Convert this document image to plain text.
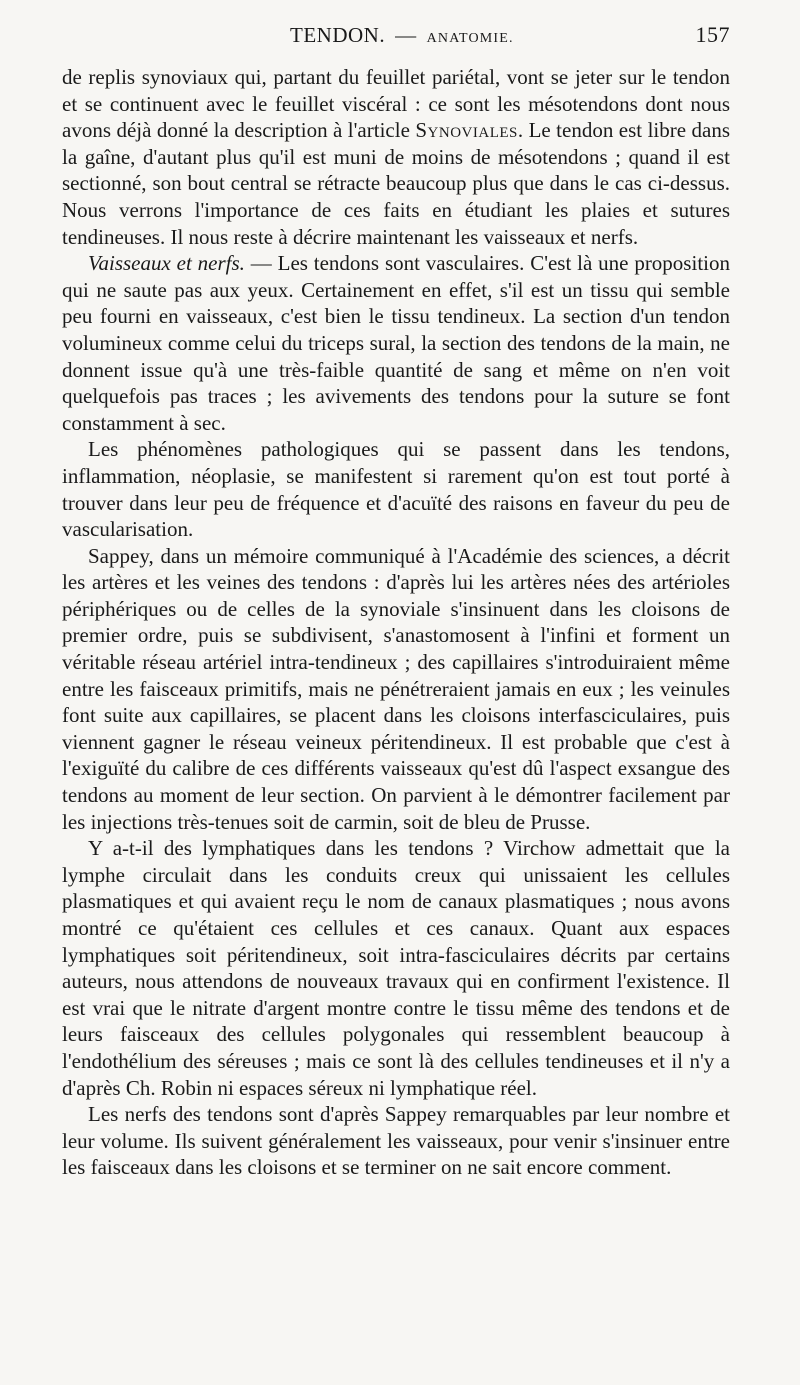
TENDON. — ANATOMIE.	157

de replis synoviaux qui, partant du feuillet pariétal, vont se jeter sur le tendon et se continuent avec le feuillet viscéral : ce sont les mésotendons dont nous avons déjà donné la description à l'article Synoviales. Le tendon est libre dans la gaîne, d'autant plus qu'il est muni de moins de mésotendons ; quand il est sectionné, son bout central se rétracte beaucoup plus que dans le cas ci-dessus. Nous verrons l'importance de ces faits en étudiant les plaies et sutures tendineuses. Il nous reste à décrire maintenant les vaisseaux et nerfs.

Vaisseaux et nerfs. — Les tendons sont vasculaires. C'est là une proposition qui ne saute pas aux yeux. Certainement en effet, s'il est un tissu qui semble peu fourni en vaisseaux, c'est bien le tissu tendineux. La section d'un tendon volumineux comme celui du triceps sural, la section des tendons de la main, ne donnent issue qu'à une très-faible quantité de sang et même on n'en voit quelquefois pas traces ; les avivements des tendons pour la suture se font constamment à sec.

Les phénomènes pathologiques qui se passent dans les tendons, inflammation, néoplasie, se manifestent si rarement qu'on est tout porté à trouver dans leur peu de fréquence et d'acuïté des raisons en faveur du peu de vascularisation.

Sappey, dans un mémoire communiqué à l'Académie des sciences, a décrit les artères et les veines des tendons : d'après lui les artères nées des artérioles périphériques ou de celles de la synoviale s'insinuent dans les cloisons de premier ordre, puis se subdivisent, s'anastomosent à l'infini et forment un véritable réseau artériel intra-tendineux ; des capillaires s'introduiraient même entre les faisceaux primitifs, mais ne pénétreraient jamais en eux ; les veinules font suite aux capillaires, se placent dans les cloisons interfasciculaires, puis viennent gagner le réseau veineux péritendineux. Il est probable que c'est à l'exiguïté du calibre de ces différents vaisseaux qu'est dû l'aspect exsangue des tendons au moment de leur section. On parvient à le démontrer facilement par les injections très-tenues soit de carmin, soit de bleu de Prusse.

Y a-t-il des lymphatiques dans les tendons ? Virchow admettait que la lymphe circulait dans les conduits creux qui unissaient les cellules plasmatiques et qui avaient reçu le nom de canaux plasmatiques ; nous avons montré ce qu'étaient ces cellules et ces canaux. Quant aux espaces lymphatiques soit péritendineux, soit intra-fasciculaires décrits par certains auteurs, nous attendons de nouveaux travaux qui en confirment l'existence. Il est vrai que le nitrate d'argent montre contre le tissu même des tendons et de leurs faisceaux des cellules polygonales qui ressemblent beaucoup à l'endothélium des séreuses ; mais ce sont là des cellules tendineuses et il n'y a d'après Ch. Robin ni espaces séreux ni lymphatique réel.

Les nerfs des tendons sont d'après Sappey remarquables par leur nombre et leur volume. Ils suivent généralement les vaisseaux, pour venir s'insinuer entre les faisceaux dans les cloisons et se terminer on ne sait encore comment.
